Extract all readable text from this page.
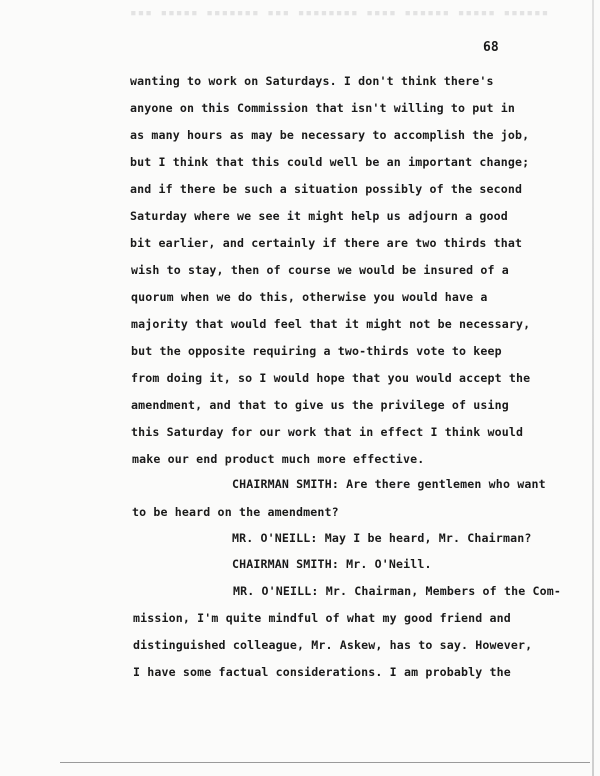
▪▪▪ ▪▪▪▪▪ ▪▪▪▪▪▪▪ ▪▪▪ ▪▪▪▪▪▪▪▪ ▪▪▪▪ ▪▪▪▪▪▪ ▪▪▪▪▪ ▪▪▪▪▪▪
68
wanting to work on Saturdays. I don't think there's
anyone on this Commission that isn't willing to put in
as many hours as may be necessary to accomplish the job,
but I think that this could well be an important change;
and if there be such a situation possibly of the second
Saturday where we see it might help us adjourn a good
bit earlier, and certainly if there are two thirds that
wish to stay, then of course we would be insured of a
quorum when we do this, otherwise you would have a
majority that would feel that it might not be necessary,
but the opposite requiring a two-thirds vote to keep
from doing it, so I would hope that you would accept the
amendment, and that to give us the privilege of using
this Saturday for our work that in effect I think would
make our end product much more effective.
CHAIRMAN SMITH: Are there gentlemen who want
to be heard on the amendment?
MR. O'NEILL: May I be heard, Mr. Chairman?
CHAIRMAN SMITH: Mr. O'Neill.
MR. O'NEILL: Mr. Chairman, Members of the Com-
mission, I'm quite mindful of what my good friend and
distinguished colleague, Mr. Askew, has to say. However,
I have some factual considerations. I am probably the
